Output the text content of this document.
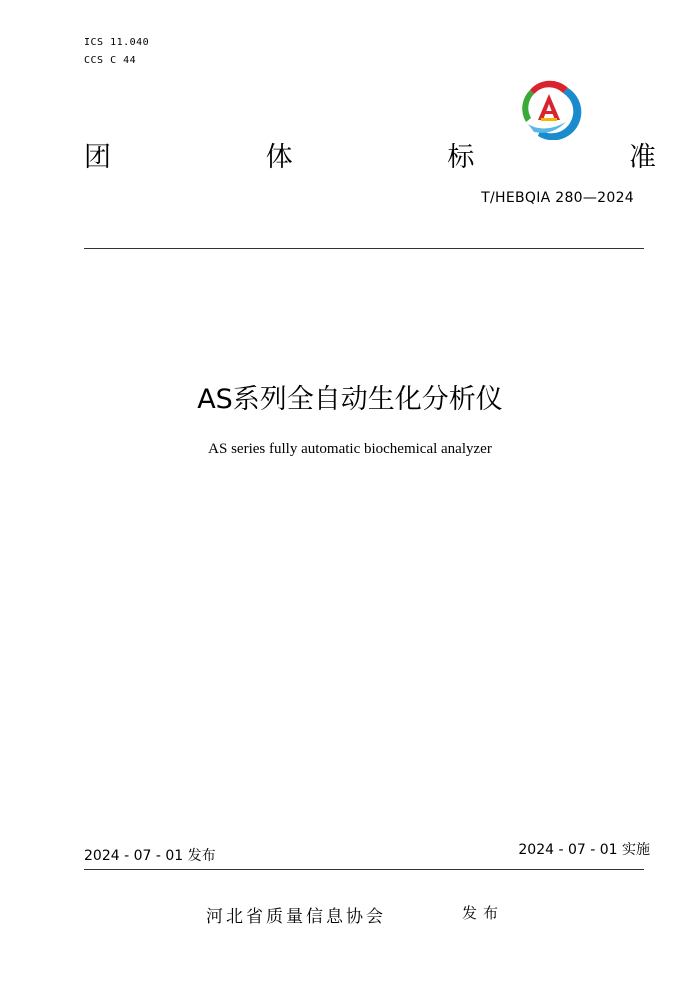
ICS 11.040
CCS C 44
团	体	标	准
T/HEBQIA 280—2024
AS系列全自动生化分析仪
AS series fully automatic biochemical analyzer
2024 - 07 - 01 发布	2024 - 07 - 01 实施
河北省质量信息协会	发布
